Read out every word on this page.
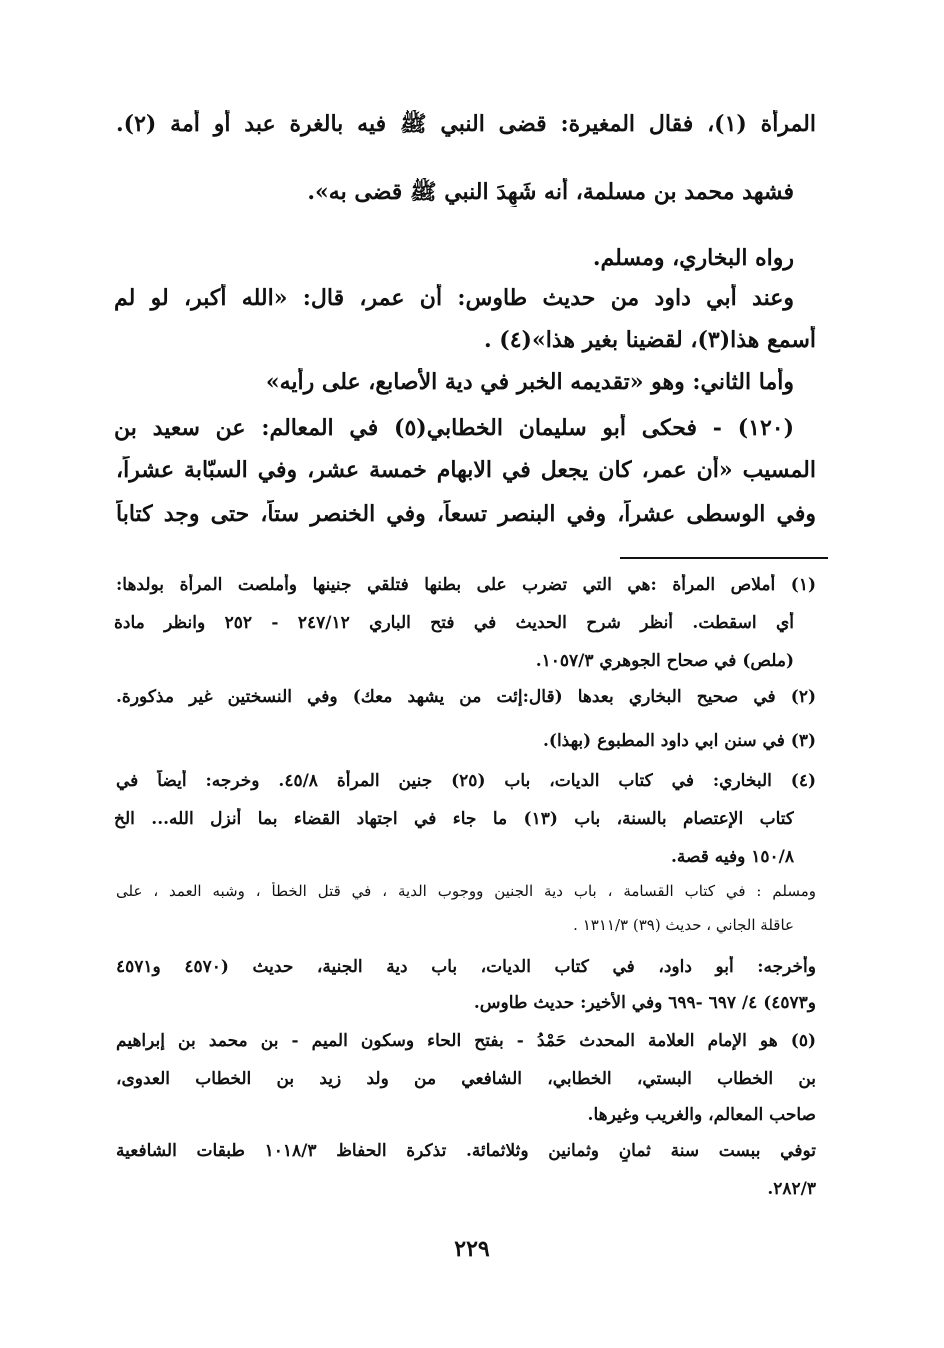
المرأة (١)، فقال المغيرة: قضى النبي ﷺ فيه بالغرة عبد أو أمة (٢).
فشهد محمد بن مسلمة، أنه شَهِدَ النبي ﷺ قضى به».
رواه البخاري، ومسلم.
وعند أبي داود من حديث طاوس: أن عمر، قال: «الله أكبر، لو لم
أسمع هذا(٣)، لقضينا بغير هذا»(٤) .
وأما الثاني: وهو «تقديمه الخبر في دية الأصابع، على رأيه»
(١٢٠) - فحكى أبو سليمان الخطابي(٥) في المعالم: عن سعيد بن
المسيب «أن عمر، كان يجعل في الابهام خمسة عشر، وفي السبّابة عشراً،
وفي الوسطى عشراً، وفي البنصر تسعاً، وفي الخنصر ستاً، حتى وجد كتاباً
(١) أملاص المرأة :هي التي تضرب على بطنها فتلقي جنينها وأملصت المرأة بولدها:
أي اسقطت. أنظر شرح الحديث في فتح الباري ٢٤٧/١٢ - ٢٥٢ وانظر مادة
(ملص) في صحاح الجوهري ١٠٥٧/٣.
(٢) في صحيح البخاري بعدها (قال:إئت من يشهد معك) وفي النسختين غير مذكورة.
(٣) في سنن ابي داود المطبوع (بهذا).
(٤) البخاري: في كتاب الديات، باب (٢٥) جنين المرأة ٤٥/٨. وخرجه: أيضاً في
كتاب الإعتصام بالسنة، باب (١٣) ما جاء في اجتهاد القضاء بما أنزل الله... الخ
١٥٠/٨ وفيه قصة.
ومسلم : في كتاب القسامة ، باب دية الجنين ووجوب الدية ، في قتل الخطأ ، وشبه العمد ، على
عاقلة الجاني ، حديث (٣٩) ١٣١١/٣ .
وأخرجه: أبو داود، في كتاب الديات، باب دية الجنية، حديث (٤٥٧٠ و٤٥٧١
و٤٥٧٣) ٤/ ٦٩٧ -٦٩٩ وفي الأخير: حديث طاوس.
(٥) هو الإمام العلامة المحدث حَمْدُ - بفتح الحاء وسكون الميم - بن محمد بن إبراهيم
بن الخطاب البستي، الخطابي، الشافعي من ولد زيد بن الخطاب العدوى،
صاحب المعالم، والغريب وغيرها.
توفي ببست سنة ثمانٍ وثمانين وثلاثمائة. تذكرة الحفاظ ١٠١٨/٣ طبقات الشافعية
٢٨٢/٣.
٢٢٩
